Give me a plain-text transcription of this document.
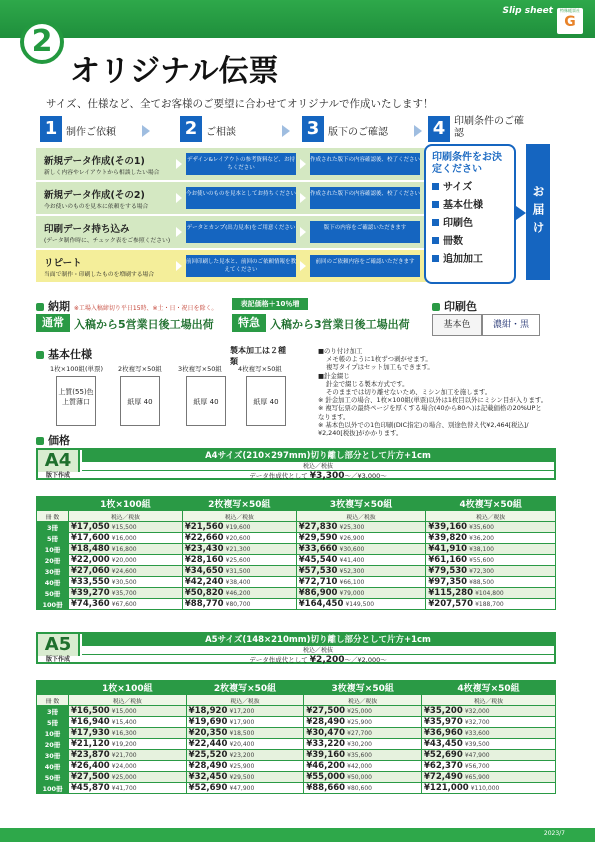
Slip sheet	特殊帳票社
G
2
オリジナル伝票
サイズ、仕様など、全てお客様のご要望に合わせてオリジナルで作成いたします！
1 制作ご依頼	2 ご相談	3 版下のご確認 4 印刷条件のご確認
新規データ作成(その1)
新しく内容やレイアウトから相談したい場合
デザイン&レイアウトの参考資料など、お持ちください
作成された版下の内容確認後、校了ください
新規データ作成(その2)
今お使いのものを見本に依頼をする場合
今お使いのものを見本としてお持ちください	作成された版下の内容確認後、校了ください
印刷データ持ち込み
(データ制作時に、チェック表をご参照ください)
データとカンプ(出力見本)をご用意ください	版下の内容をご確認いただきます
リピート
当面で制作・印刷したものを増刷する場合
前回印刷した見本と、前回のご依頼情報を教えてください
前回のご依頼内容をご確認いただきます
印刷条件をお決定ください
サイズ
基本仕様
印刷色
冊数
追加加工
お届け
納期 ※工場入稿締切り平日15時、※土・日・祝日を除く。
通常 入稿から5営業日後工場出荷
表記価格＋10％増
特急 入稿から3営業日後工場出荷
印刷色
基本色	濃紺・黒
基本仕様	製本加工は２種類
1枚×100組(単票)
上質(55)色上質薄口
2枚複写×50組
紙厚 40
3枚複写×50組
紙厚 40
4枚複写×50組
紙厚 40
■のり付け加工
メモ帳のように1枚ずつ剥がせます。
複写タイプはセット加工もできます。
■針金綴じ
針金で綴じる製本方式です。
そのままでは切り離せないため、ミシン加工を施します。
※ 針金加工の場合、1枚×100組(単票)以外は1枚目以外にミシン目が入ります。
※ 複写伝票の最終ページを厚くする場合(40から80へ)は記載価格の20%UPとなります。
※ 基本色以外での1色印刷(DIC指定)の場合、別途色替え代¥2,464[税込]/¥2,240[税抜]がかかります。
価格
A4
版下作成
A4サイズ(210×297mm)切り離し部分として片方+1cm
税込／税抜
データ作成代として ¥3,300〜／¥3,000〜
	1枚×100組	2枚複写×50組	3枚複写×50組	4枚複写×50組
冊 数	税込／税抜	税込／税抜	税込／税抜	税込／税抜
3冊	¥17,050 ¥15,500	¥21,560 ¥19,600	¥27,830 ¥25,300	¥39,160 ¥35,600
5冊	¥17,600 ¥16,000	¥22,660 ¥20,600	¥29,590 ¥26,900	¥39,820 ¥36,200
10冊	¥18,480 ¥16,800	¥23,430 ¥21,300	¥33,660 ¥30,600	¥41,910 ¥38,100
20冊	¥22,000 ¥20,000	¥28,160 ¥25,600	¥45,540 ¥41,400	¥61,160 ¥55,600
30冊	¥27,060 ¥24,600	¥34,650 ¥31,500	¥57,530 ¥52,300	¥79,530 ¥72,300
40冊	¥33,550 ¥30,500	¥42,240 ¥38,400	¥72,710 ¥66,100	¥97,350 ¥88,500
50冊	¥39,270 ¥35,700	¥50,820 ¥46,200	¥86,900 ¥79,000	¥115,280 ¥104,800
100冊	¥74,360 ¥67,600	¥88,770 ¥80,700	¥164,450 ¥149,500	¥207,570 ¥188,700
A5
版下作成
A5サイズ(148×210mm)切り離し部分として片方+1cm
税込／税抜
データ作成代として ¥2,200〜／¥2,000〜
	1枚×100組	2枚複写×50組	3枚複写×50組	4枚複写×50組
冊 数	税込／税抜	税込／税抜	税込／税抜	税込／税抜
3冊	¥16,500 ¥15,000	¥18,920 ¥17,200	¥27,500 ¥25,000	¥35,200 ¥32,000
5冊	¥16,940 ¥15,400	¥19,690 ¥17,900	¥28,490 ¥25,900	¥35,970 ¥32,700
10冊	¥17,930 ¥16,300	¥20,350 ¥18,500	¥30,470 ¥27,700	¥36,960 ¥33,600
20冊	¥21,120 ¥19,200	¥22,440 ¥20,400	¥33,220 ¥30,200	¥43,450 ¥39,500
30冊	¥23,870 ¥21,700	¥25,520 ¥23,200	¥39,160 ¥35,600	¥52,690 ¥47,900
40冊	¥26,400 ¥24,000	¥28,490 ¥25,900	¥46,200 ¥42,000	¥62,370 ¥56,700
50冊	¥27,500 ¥25,000	¥32,450 ¥29,500	¥55,000 ¥50,000	¥72,490 ¥65,900
100冊	¥45,870 ¥41,700	¥52,690 ¥47,900	¥88,660 ¥80,600	¥121,000 ¥110,000
2023/7
